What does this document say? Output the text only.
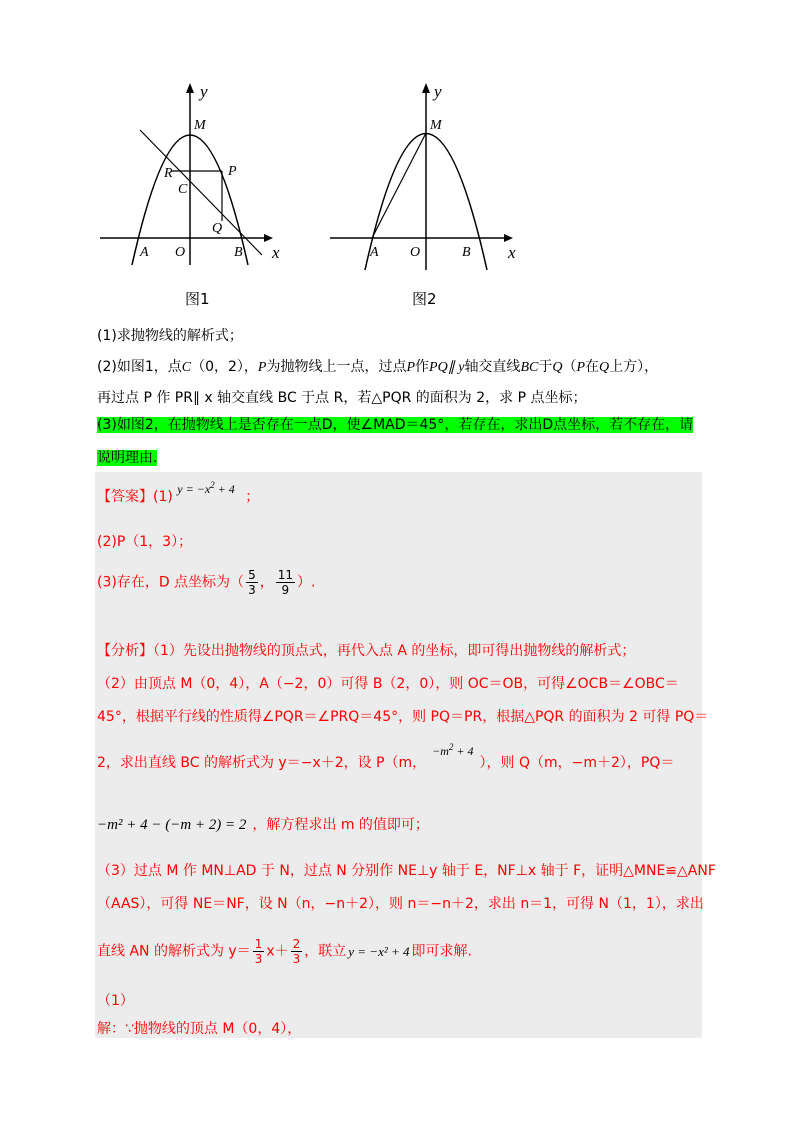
y
x
M
P
R
C
Q
A O	B
y
x
M
A O	B
图1	图2
(1)求抛物线的解析式；
(2)如图1，点C（0，2），P为抛物线上一点，过点P作PQ∥ y轴交直线BC于Q（P在Q上方），
再过点 P 作 PR∥ x 轴交直线 BC 于点 R，若△PQR 的面积为 2，求 P 点坐标；
(3)如图2，在抛物线上是否存在一点D，使∠MAD＝45°，若存在，求出D点坐标，若不存在，请
说明理由.
【答案】(1) $y = -x^2 + 4$ ；
(2)P（1，3）；
(3)存在，D 点坐标为（ $\frac{5}{3}$ ， $\frac{11}{9}$ ）.
【分析】（1）先设出抛物线的顶点式，再代入点 A 的坐标，即可得出抛物线的解析式；
（2）由顶点 M（0，4），A（−2，0）可得 B（2，0），则 OC＝OB，可得∠OCB＝∠OBC＝
45°，根据平行线的性质得∠PQR＝∠PRQ＝45°，则 PQ＝PR，根据△PQR 的面积为 2 可得 PQ＝
2，求出直线 BC 的解析式为 y＝−x＋2，设 P（m，$-m^2 + 4$），则 Q（m，−m＋2），PQ＝
−m² + 4 − (−m + 2) = 2 ，解方程求出 m 的值即可；
（3）过点 M 作 MN⊥AD 于 N，过点 N 分别作 NE⊥y 轴于 E，NF⊥x 轴于 F，证明△MNE≌△ANF
（AAS），可得 NE＝NF，设 N（n，−n＋2），则 n＝−n＋2，求出 n＝1，可得 N（1，1），求出
直线 AN 的解析式为 $y= \frac{1}{3} x+ \frac{2}{3}$ ，联立 y = −x² + 4 即可求解.
（1）
解：∵抛物线的顶点 M（0，4），
